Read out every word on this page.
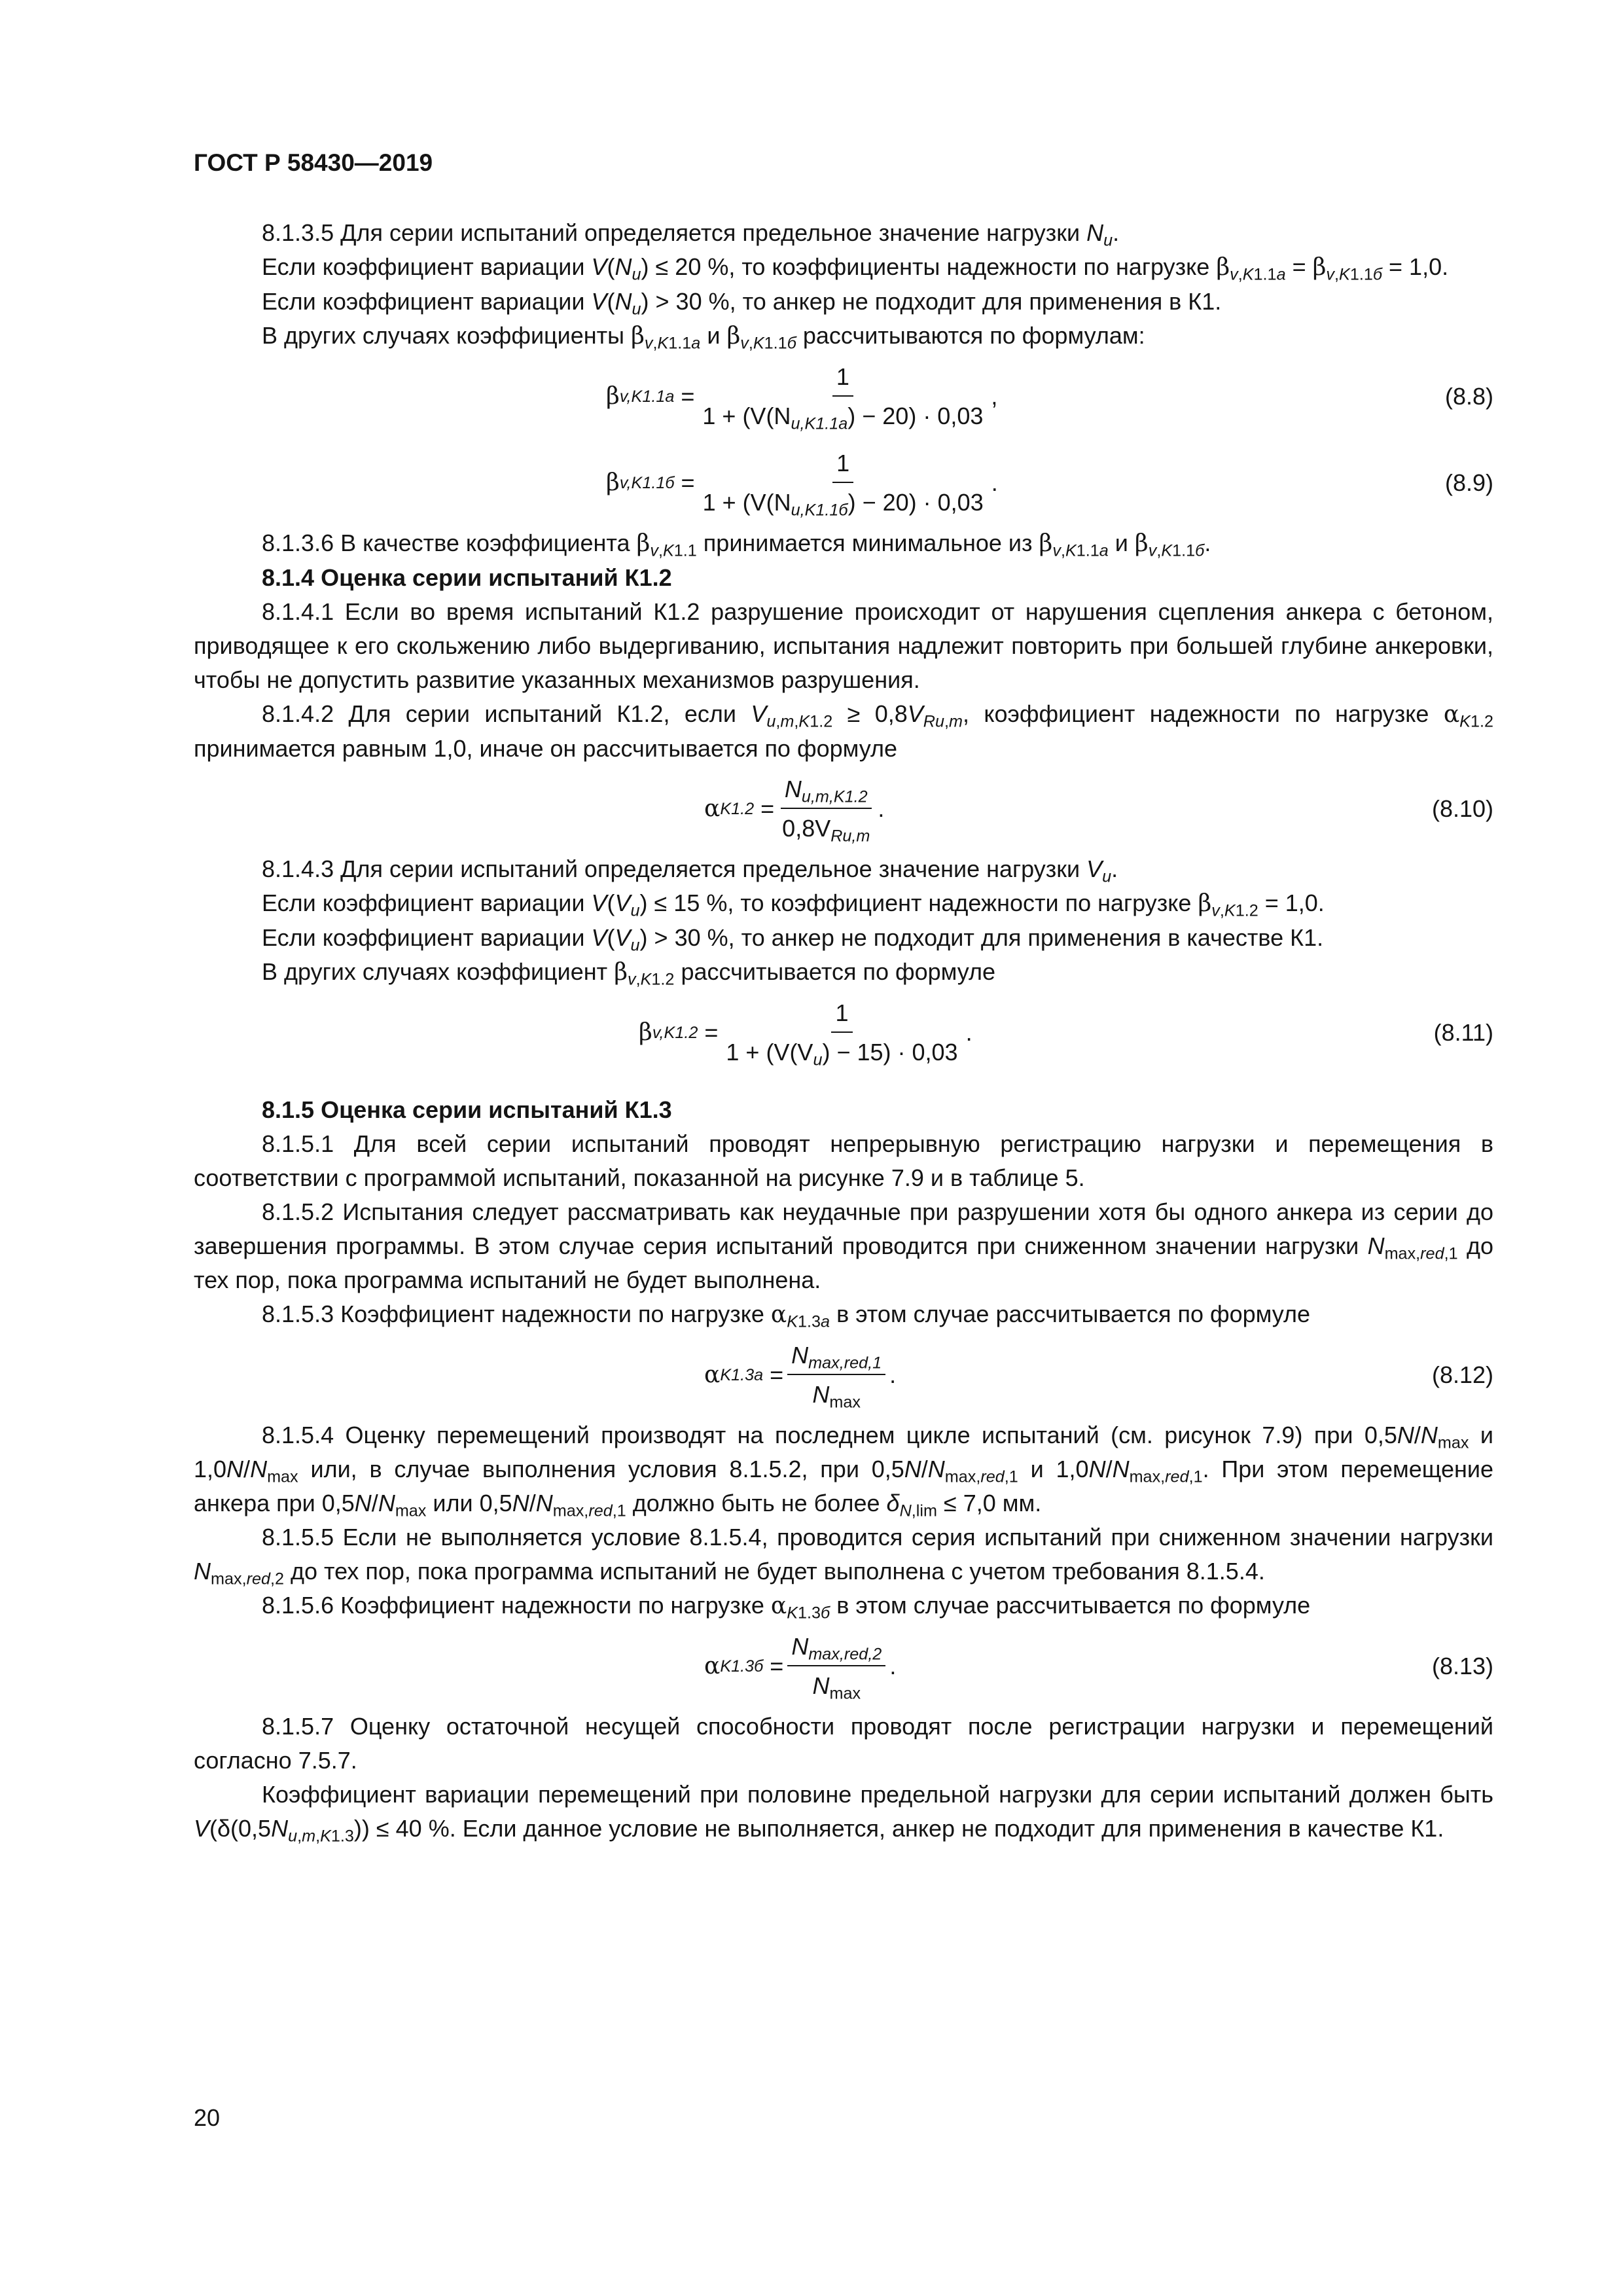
ГОСТ Р 58430—2019

8.1.3.5 Для серии испытаний определяется предельное значение нагрузки $N_u$.

Если коэффициент вариации $V(N_u) \le 20$ %, то коэффициенты надежности по нагрузке $\beta_{v,K1.1a} = \beta_{v,K1.1б} = 1,0$.

Если коэффициент вариации $V(N_u) > 30$ %, то анкер не подходит для применения в К1.

В других случаях коэффициенты $\beta_{v,K1.1a}$ и $\beta_{v,K1.1б}$ рассчитываются по формулам:

β $v,K1.1a = \frac{1}{1 + (V(N_{u,K1.1a}) - 20) \cdot 0,03}$ ,	(8.8)
β $v,K1.1б = \frac{1}{1 + (V(N_{u,K1.1б}) - 20) \cdot 0,03}$ .	(8.9)

8.1.3.6 В качестве коэффициента $\beta_{v,K1.1}$ принимается минимальное из $\beta_{v,K1.1a}$ и $\beta_{v,K1.1б}$.

8.1.4 Оценка серии испытаний К1.2

8.1.4.1 Если во время испытаний К1.2 разрушение происходит от нарушения сцепления анкера с бетоном, приводящее к его скольжению либо выдергиванию, испытания надлежит повторить при большей глубине анкеровки, чтобы не допустить развитие указанных механизмов разрушения.

8.1.4.2 Для серии испытаний К1.2, если $V_{u,m,K1.2} \ge 0,8V_{Ru,m}$, коэффициент надежности по нагрузке $\alpha_{K1.2}$ принимается равным 1,0, иначе он рассчитывается по формуле

α $K1.2 = \frac{N_{u,m,K1.2}}{0,8V_{Ru,m}}$ .	(8.10)

8.1.4.3 Для серии испытаний определяется предельное значение нагрузки $V_u$.

Если коэффициент вариации $V(V_u) \le 15$ %, то коэффициент надежности по нагрузке $\beta_{v,K1.2} = 1,0$.

Если коэффициент вариации $V(V_u) > 30$ %, то анкер не подходит для применения в качестве К1.

В других случаях коэффициент $\beta_{v,K1.2}$ рассчитывается по формуле

β $v,K1.2 = \frac{1}{1 + (V(V_u) - 15) \cdot 0,03}$ .	(8.11)

8.1.5 Оценка серии испытаний К1.3

8.1.5.1 Для всей серии испытаний проводят непрерывную регистрацию нагрузки и перемещения в соответствии с программой испытаний, показанной на рисунке 7.9 и в таблице 5.

8.1.5.2 Испытания следует рассматривать как неудачные при разрушении хотя бы одного анкера из серии до завершения программы. В этом случае серия испытаний проводится при сниженном значении нагрузки $N_{max,red,1}$ до тех пор, пока программа испытаний не будет выполнена.

8.1.5.3 Коэффициент надежности по нагрузке $\alpha_{K1.3a}$ в этом случае рассчитывается по формуле

α $K1.3a = \frac{N_{max,red,1}}{N_{max}}$ .	(8.12)

8.1.5.4 Оценку перемещений производят на последнем цикле испытаний (см. рисунок 7.9) при $0,5N/N_{max}$ и $1,0N/N_{max}$ или, в случае выполнения условия 8.1.5.2, при $0,5N/N_{max,red,1}$ и $1,0N/N_{max,red,1}$. При этом перемещение анкера при $0,5N/N_{max}$ или $0,5N/N_{max,red,1}$ должно быть не более $\delta_{N,lim} \le 7,0$ мм.

8.1.5.5 Если не выполняется условие 8.1.5.4, проводится серия испытаний при сниженном значении нагрузки $N_{max,red,2}$ до тех пор, пока программа испытаний не будет выполнена с учетом требования 8.1.5.4.

8.1.5.6 Коэффициент надежности по нагрузке $\alpha_{K1.3б}$ в этом случае рассчитывается по формуле

α $K1.3б = \frac{N_{max,red,2}}{N_{max}}$ .	(8.13)

8.1.5.7 Оценку остаточной несущей способности проводят после регистрации нагрузки и перемещений согласно 7.5.7.

Коэффициент вариации перемещений при половине предельной нагрузки для серии испытаний должен быть $V(\delta(0,5N_{u,m,K1.3})) \le 40$ %. Если данное условие не выполняется, анкер не подходит для применения в качестве К1.

20
